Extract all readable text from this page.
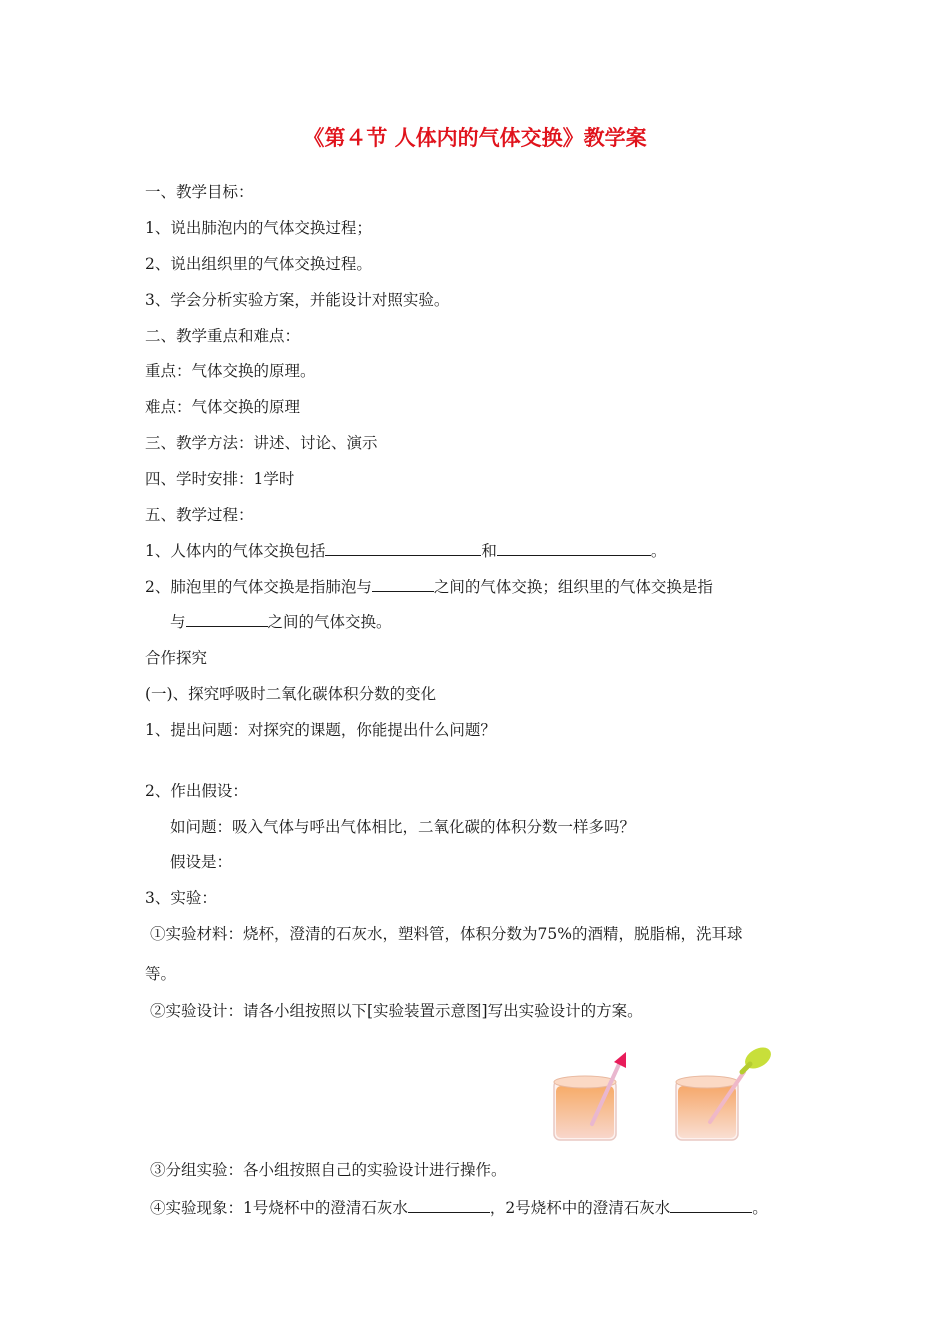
《第４节 人体内的气体交换》教学案
一、教学目标：
1、说出肺泡内的气体交换过程；
2、说出组织里的气体交换过程。
3、学会分析实验方案，并能设计对照实验。
二、教学重点和难点：
重点：气体交换的原理。
难点：气体交换的原理
三、教学方法：讲述、讨论、演示
四、学时安排：1学时
五、教学过程：
1、人体内的气体交换包括	和	。
2、肺泡里的气体交换是指肺泡与	之间的气体交换；组织里的气体交换是指
与	之间的气体交换。
合作探究
(一)、探究呼吸时二氧化碳体积分数的变化
1、提出问题：对探究的课题，你能提出什么问题？
2、作出假设：
如问题：吸入气体与呼出气体相比，二氧化碳的体积分数一样多吗？
假设是：
3、实验：
①实验材料：烧杯，澄清的石灰水，塑料管，体积分数为75%的酒精，脱脂棉，洗耳球
等。
②实验设计：请各小组按照以下[实验装置示意图]写出实验设计的方案。
③分组实验：各小组按照自己的实验设计进行操作。
④实验现象：1号烧杯中的澄清石灰水	，2号烧杯中的澄清石灰水	。
